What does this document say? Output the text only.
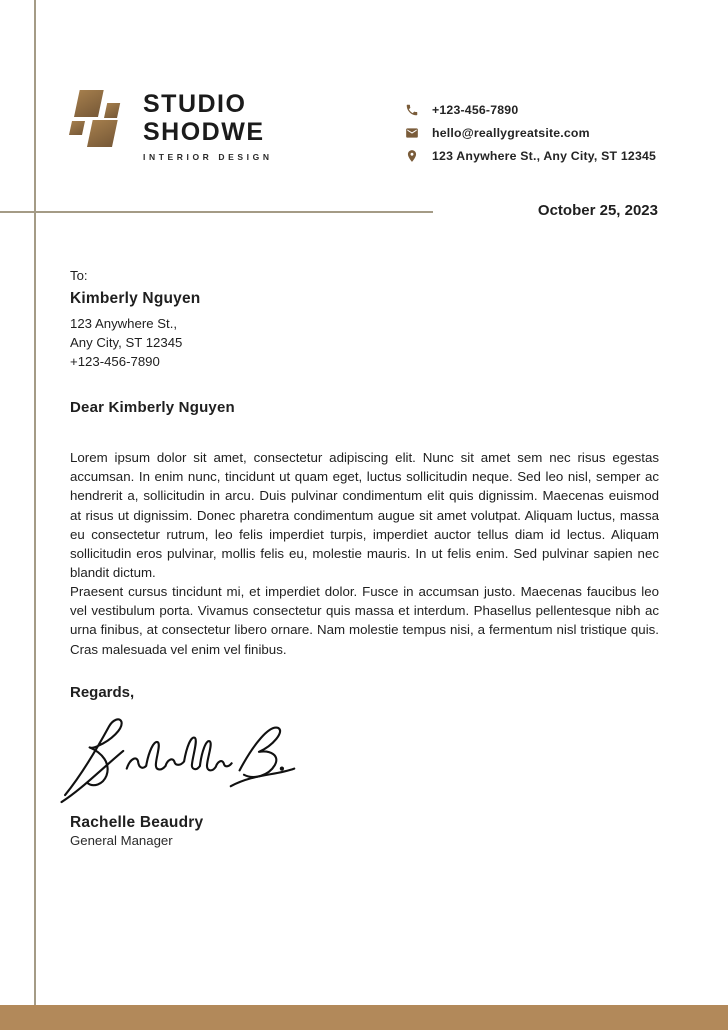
STUDIO
SHODWE
INTERIOR DESIGN
+123-456-7890
hello@reallygreatsite.com
123 Anywhere St., Any City, ST 12345
October 25, 2023
To:
Kimberly Nguyen
123 Anywhere St.,
Any City, ST 12345
+123-456-7890
Dear Kimberly Nguyen
Lorem ipsum dolor sit amet, consectetur adipiscing elit. Nunc sit amet sem nec risus egestas accumsan. In enim nunc, tincidunt ut quam eget, luctus sollicitudin neque. Sed leo nisl, semper ac hendrerit a, sollicitudin in arcu. Duis pulvinar condimentum elit quis dignissim. Maecenas euismod at risus ut dignissim. Donec pharetra condimentum augue sit amet volutpat. Aliquam luctus, massa eu consectetur rutrum, leo felis imperdiet turpis, imperdiet auctor tellus diam id lectus. Aliquam sollicitudin eros pulvinar, mollis felis eu, molestie mauris. In ut felis enim. Sed pulvinar sapien nec blandit dictum.
Praesent cursus tincidunt mi, et imperdiet dolor. Fusce in accumsan justo. Maecenas faucibus leo vel vestibulum porta. Vivamus consectetur quis massa et interdum. Phasellus pellentesque nibh ac urna finibus, at consectetur libero ornare. Nam molestie tempus nisi, a fermentum nisl tristique quis. Cras malesuada vel enim vel finibus.
Regards,
Rachelle Beaudry
General Manager
